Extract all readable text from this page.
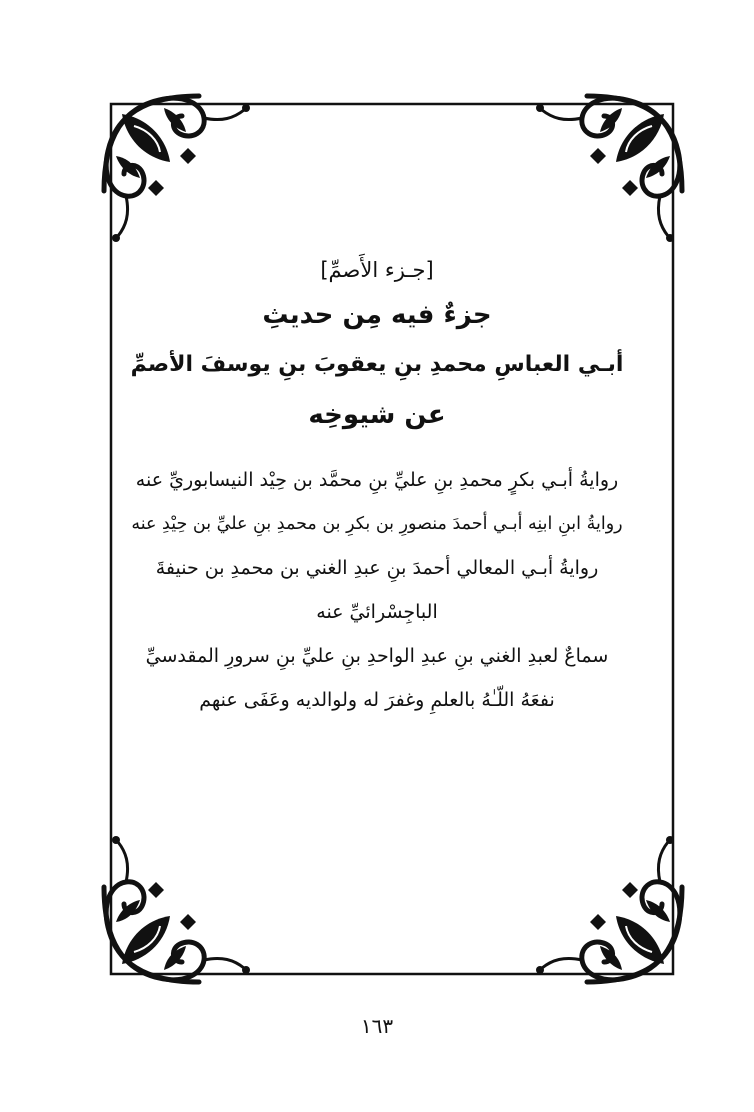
[جـزء الأَصمِّ]
جزءٌ فيه مِن حديثِ
أبـي العباسِ محمدِ بنِ يعقوبَ بنِ يوسفَ الأصمِّ
عن شيوخِه
روايةُ أبـي بكرٍ محمدِ بنِ عليِّ بنِ محمَّد بن حِيْد النيسابوريِّ عنه
روايةُ ابنِ ابنِه أبـي أحمدَ منصورِ بن بكرِ بن محمدِ بنِ عليِّ بن حِيْدِ عنه
روايةُ أبـي المعالي أحمدَ بنِ عبدِ الغني بن محمدِ بن حنيفةَ
الباجِسْرائيِّ عنه
سماعٌ لعبدِ الغني بنِ عبدِ الواحدِ بنِ عليِّ بنِ سرورِ المقدسيِّ
نفعَهُ اللّـٰهُ بالعلمِ وغفرَ له ولوالديه وعَفَى عنهم
١٦٣
